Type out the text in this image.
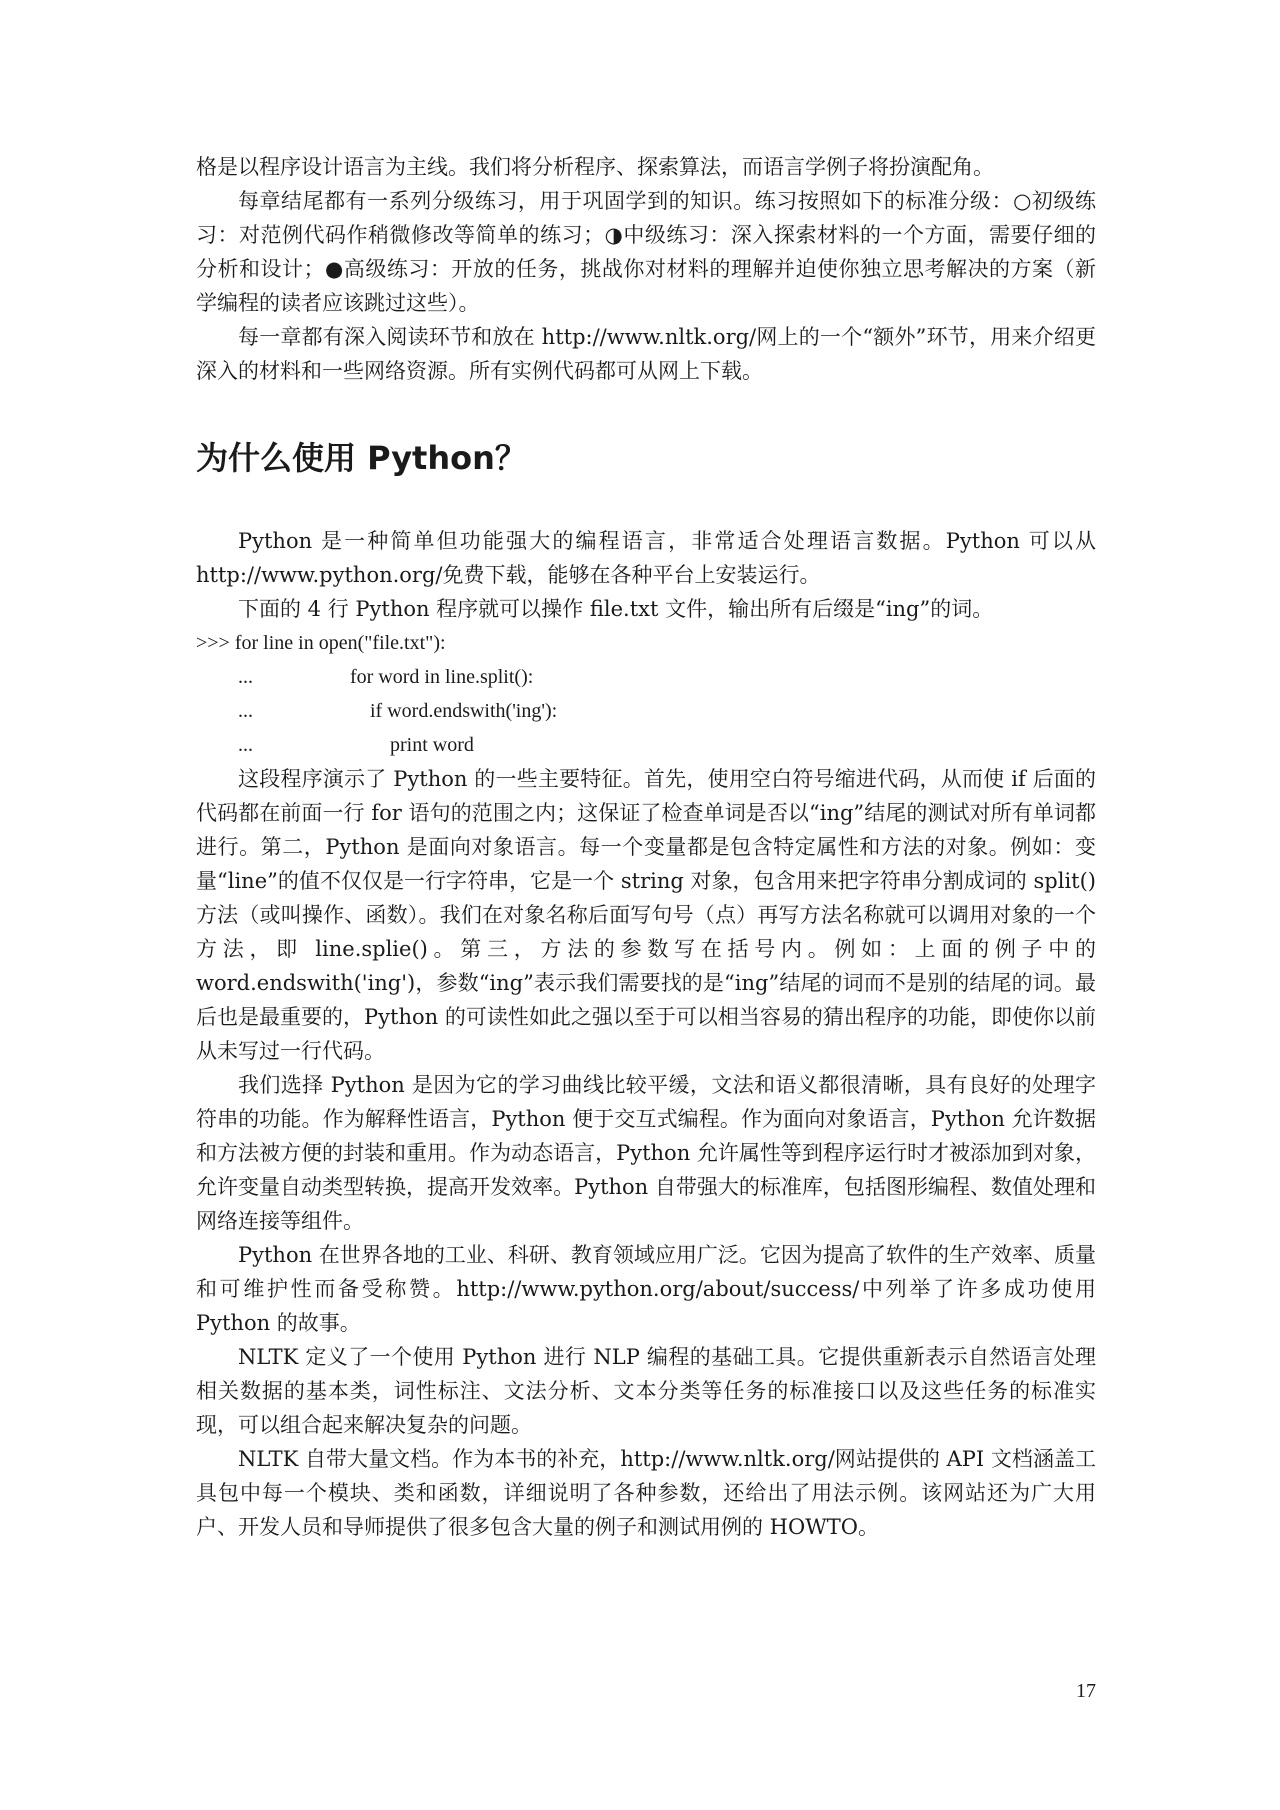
格是以程序设计语言为主线。我们将分析程序、探索算法，而语言学例子将扮演配角。

每章结尾都有一系列分级练习，用于巩固学到的知识。练习按照如下的标准分级：○初级练习：对范例代码作稍微修改等简单的练习；◑中级练习：深入探索材料的一个方面，需要仔细的分析和设计；●高级练习：开放的任务，挑战你对材料的理解并迫使你独立思考解决的方案（新学编程的读者应该跳过这些）。

每一章都有深入阅读环节和放在 http://www.nltk.org/网上的一个“额外”环节，用来介绍更深入的材料和一些网络资源。所有实例代码都可从网上下载。

为什么使用 Python？

Python 是一种简单但功能强大的编程语言，非常适合处理语言数据。Python 可以从 http://www.python.org/免费下载，能够在各种平台上安装运行。

下面的 4 行 Python 程序就可以操作 file.txt 文件，输出所有后缀是“ing”的词。

>>> for line in open("file.txt"):
...	for word in line.split():
...	if word.endswith('ing'):
...	print word

这段程序演示了 Python 的一些主要特征。首先，使用空白符号缩进代码，从而使 if 后面的代码都在前面一行 for 语句的范围之内；这保证了检查单词是否以“ing”结尾的测试对所有单词都进行。第二，Python 是面向对象语言。每一个变量都是包含特定属性和方法的对象。例如：变量“line”的值不仅仅是一行字符串，它是一个 string 对象，包含用来把字符串分割成词的 split()方法（或叫操作、函数）。我们在对象名称后面写句号（点）再写方法名称就可以调用对象的一个方法，即 line.splie()。第三，方法的参数写在括号内。例如：上面的例子中的 word.endswith('ing')，参数“ing”表示我们需要找的是“ing”结尾的词而不是别的结尾的词。最后也是最重要的，Python 的可读性如此之强以至于可以相当容易的猜出程序的功能，即使你以前从未写过一行代码。

我们选择 Python 是因为它的学习曲线比较平缓，文法和语义都很清晰，具有良好的处理字符串的功能。作为解释性语言，Python 便于交互式编程。作为面向对象语言，Python 允许数据和方法被方便的封装和重用。作为动态语言，Python 允许属性等到程序运行时才被添加到对象，允许变量自动类型转换，提高开发效率。Python 自带强大的标准库，包括图形编程、数值处理和网络连接等组件。

Python 在世界各地的工业、科研、教育领域应用广泛。它因为提高了软件的生产效率、质量和可维护性而备受称赞。http://www.python.org/about/success/中列举了许多成功使用 Python 的故事。

NLTK 定义了一个使用 Python 进行 NLP 编程的基础工具。它提供重新表示自然语言处理相关数据的基本类，词性标注、文法分析、文本分类等任务的标准接口以及这些任务的标准实现，可以组合起来解决复杂的问题。

NLTK 自带大量文档。作为本书的补充，http://www.nltk.org/网站提供的 API 文档涵盖工具包中每一个模块、类和函数，详细说明了各种参数，还给出了用法示例。该网站还为广大用户、开发人员和导师提供了很多包含大量的例子和测试用例的 HOWTO。

17
